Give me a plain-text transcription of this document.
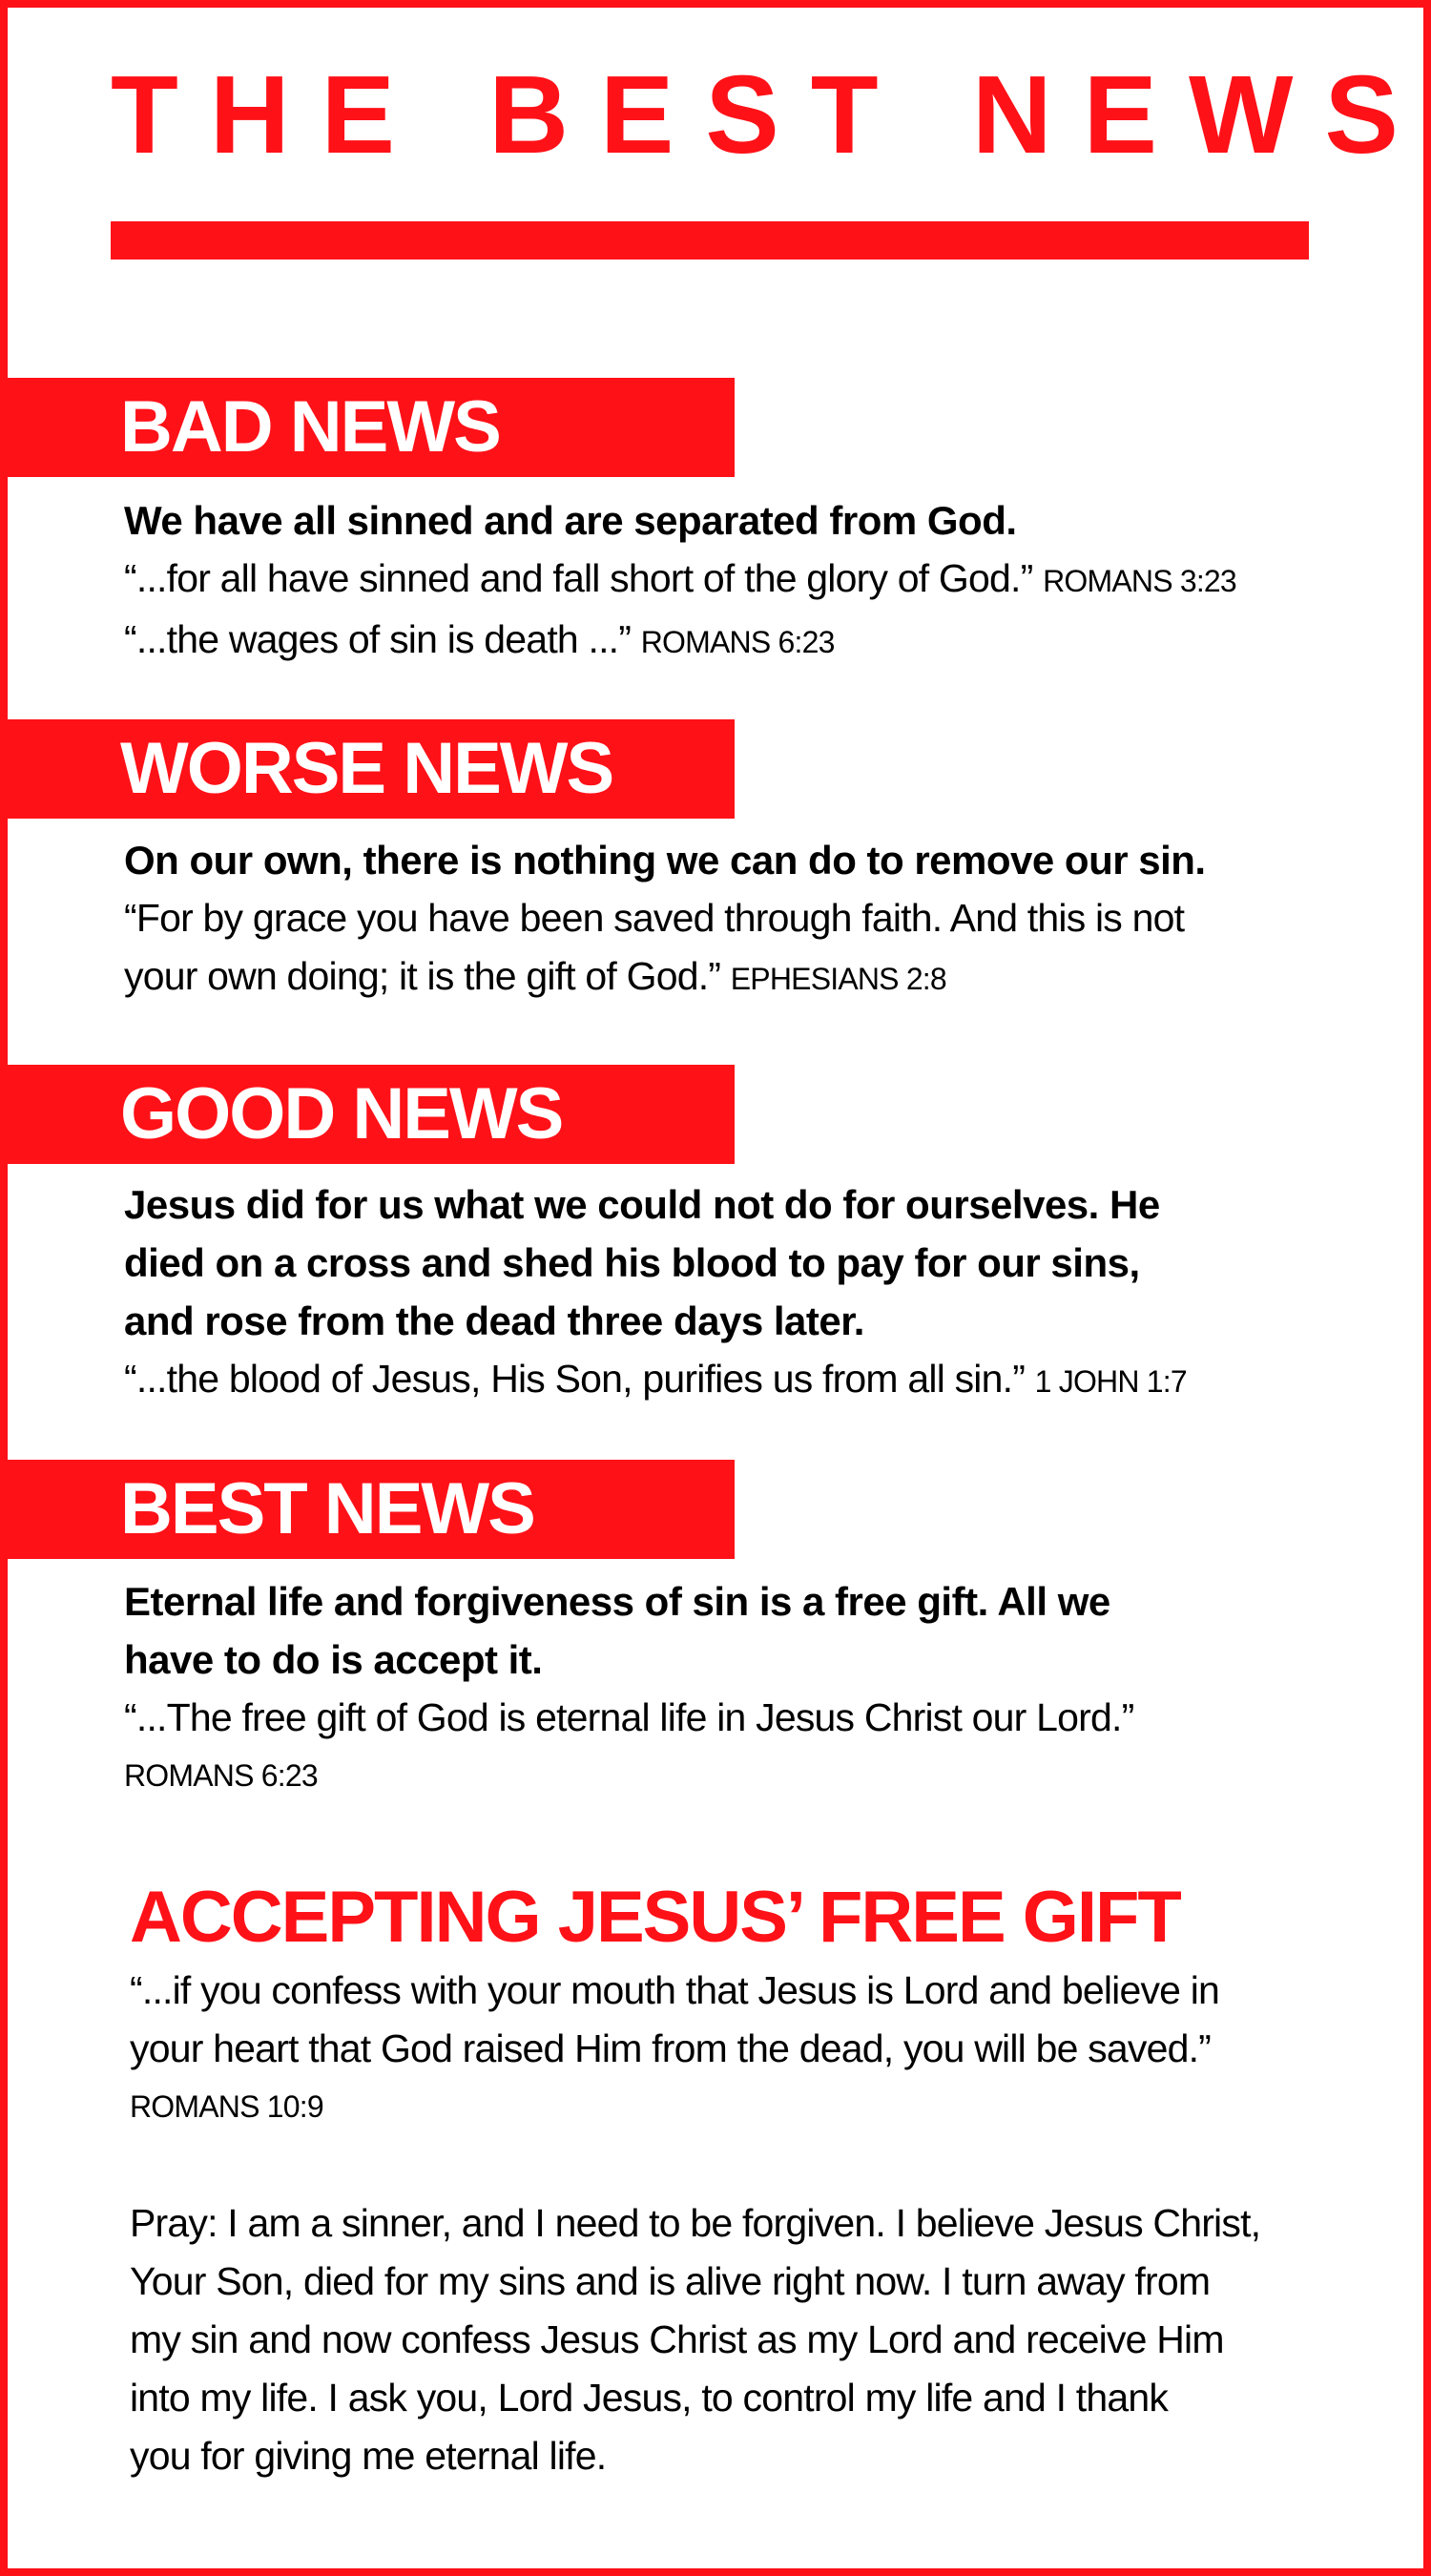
THE BEST NEWS
BAD NEWS

We have all sinned and are separated from God.

“...for all have sinned and fall short of the glory of God.” ROMANS 3:23

“...the wages of sin is death ...” ROMANS 6:23

WORSE NEWS

On our own, there is nothing we can do to remove our sin.

“For by grace you have been saved through faith. And this is not

your own doing; it is the gift of God.” EPHESIANS 2:8

GOOD NEWS

Jesus did for us what we could not do for ourselves. He

died on a cross and shed his blood to pay for our sins,

and rose from the dead three days later.

“...the blood of Jesus, His Son, purifies us from all sin.” 1 JOHN 1:7

BEST NEWS

Eternal life and forgiveness of sin is a free gift. All we

have to do is accept it.

“...The free gift of God is eternal life in Jesus Christ our Lord.”

ROMANS 6:23

ACCEPTING JESUS’ FREE GIFT

“...if you confess with your mouth that Jesus is Lord and believe in

your heart that God raised Him from the dead, you will be saved.”

ROMANS 10:9

Pray: I am a sinner, and I need to be forgiven. I believe Jesus Christ,

Your Son, died for my sins and is alive right now. I turn away from

my sin and now confess Jesus Christ as my Lord and receive Him

into my life. I ask you, Lord Jesus, to control my life and I thank

you for giving me eternal life.
